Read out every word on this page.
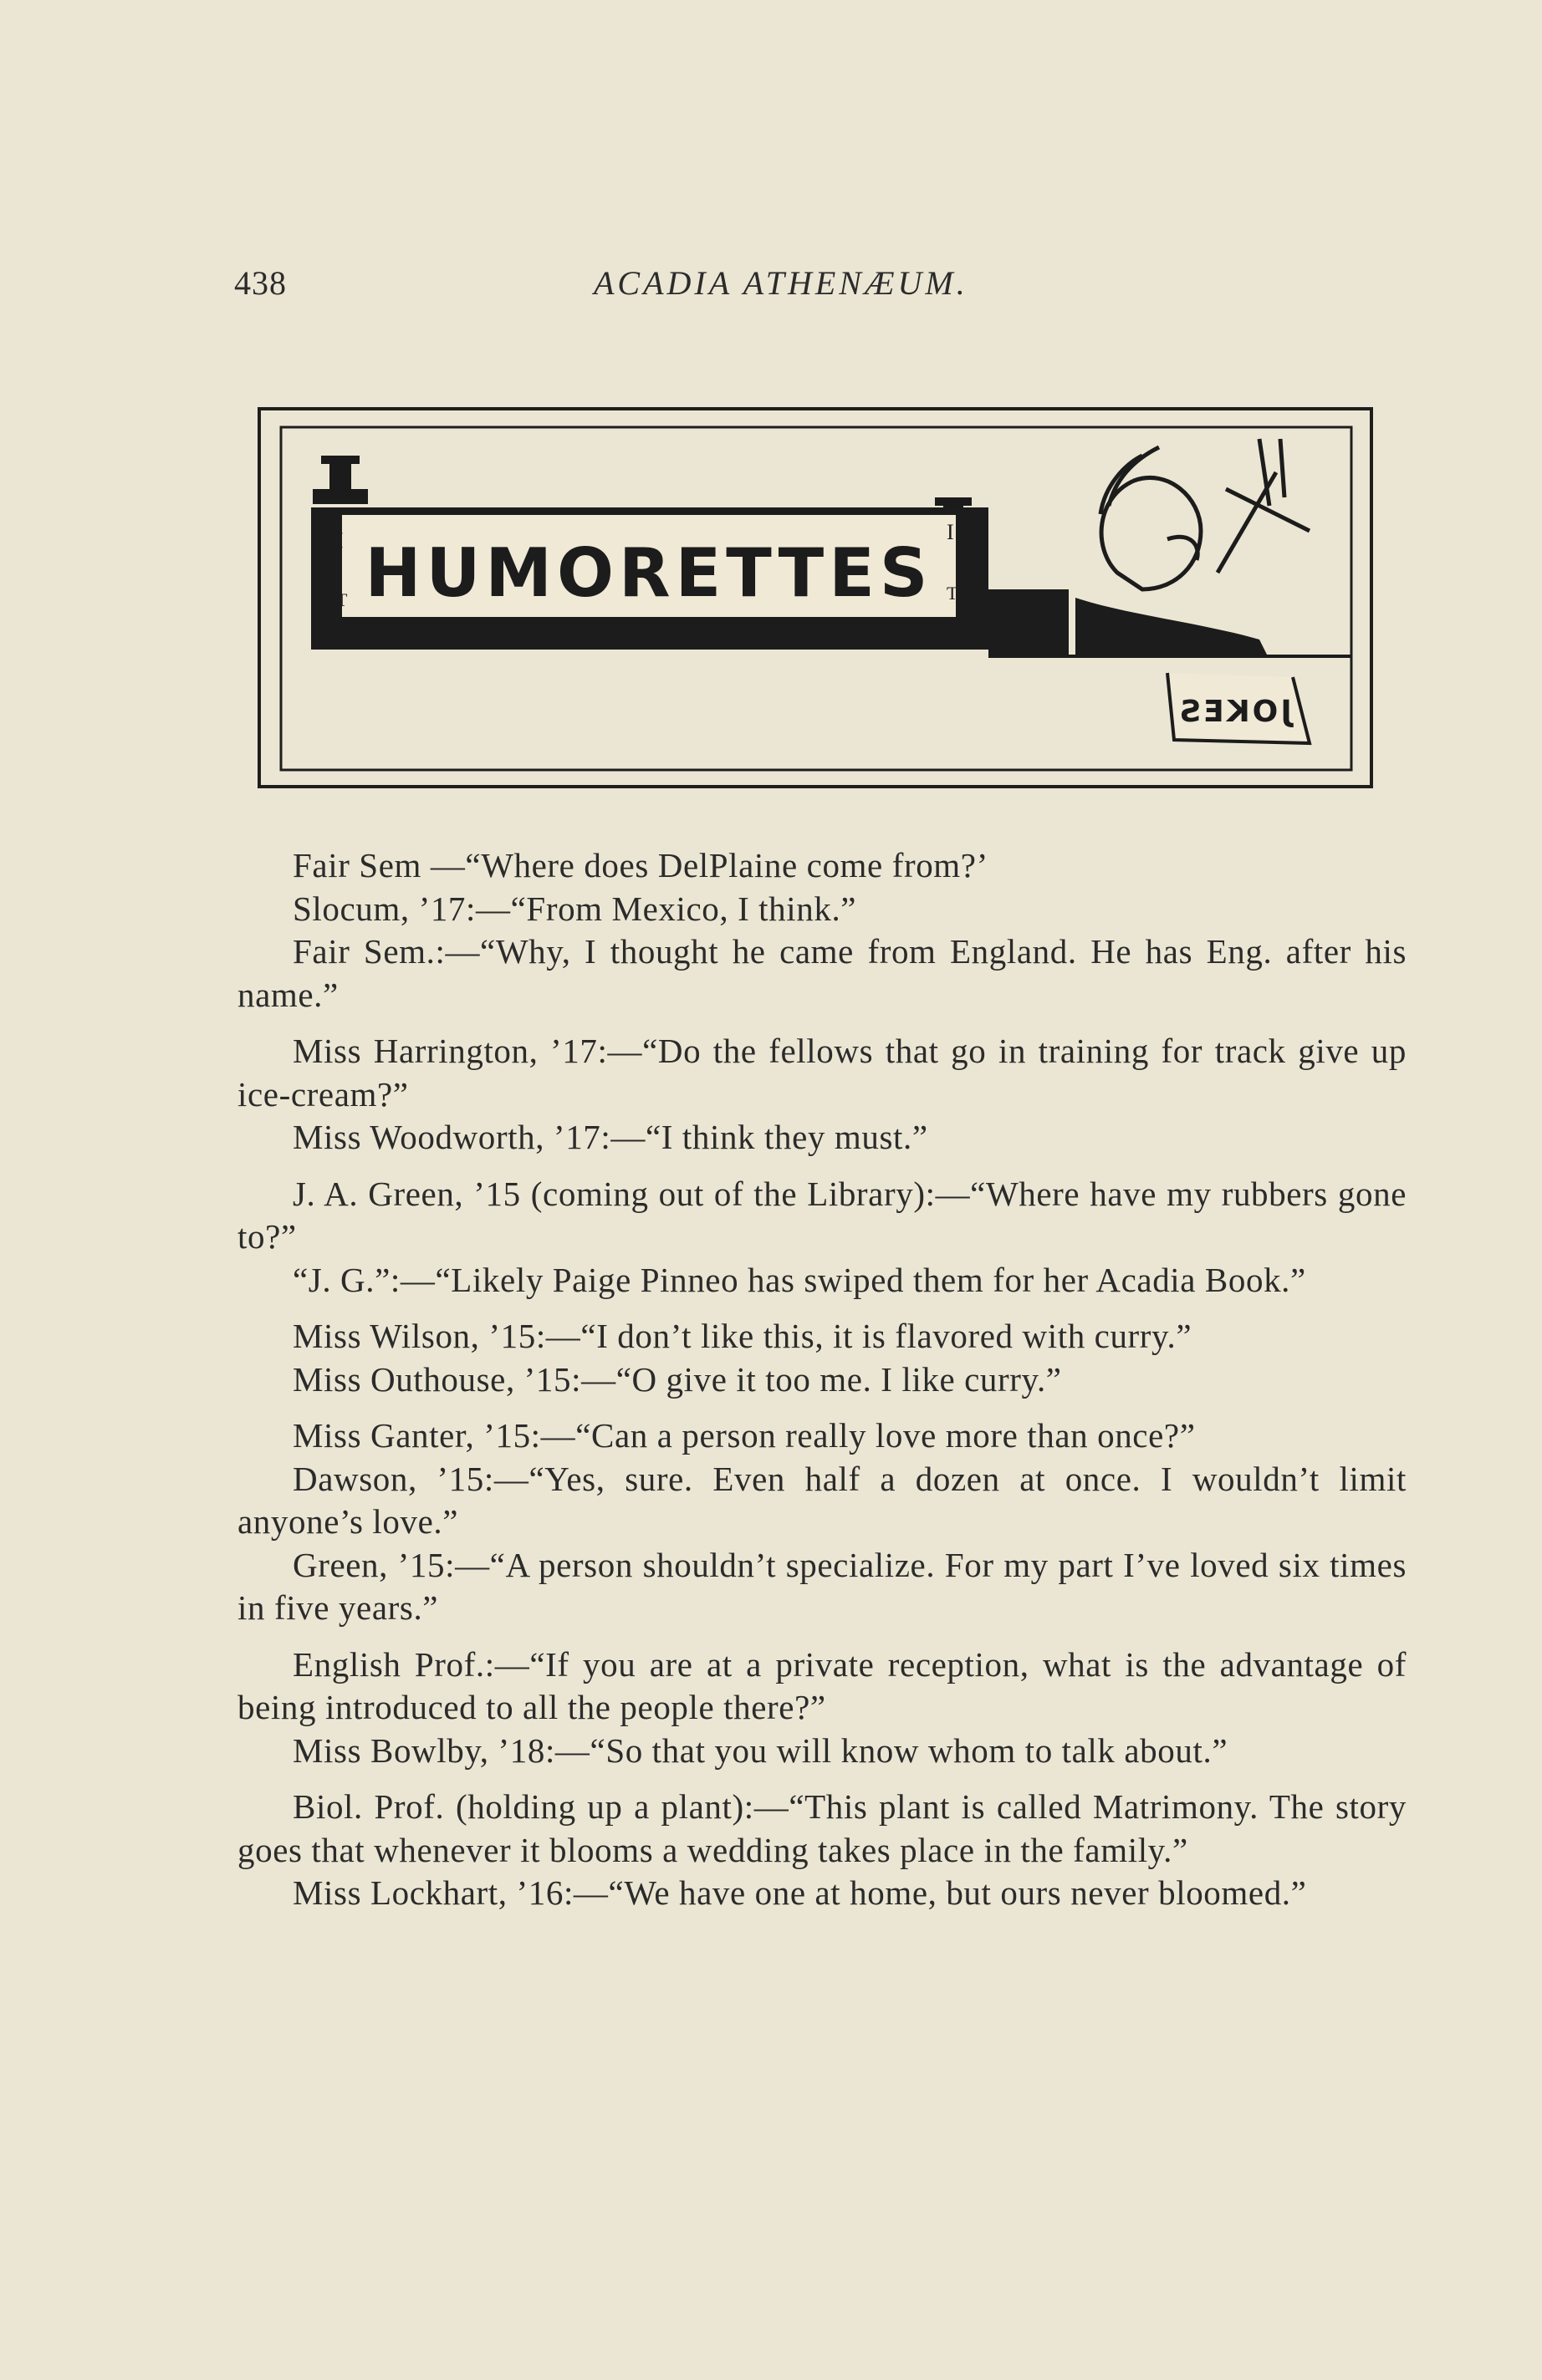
438	ACADIA ATHENÆUM.
I
T
I
T
HUMORETTES
JOKES

Fair Sem —“Where does DelPlaine come from?’

Slocum, ’17:—“From Mexico, I think.”

Fair Sem.:—“Why, I thought he came from England. He has Eng. after his name.”

Miss Harrington, ’17:—“Do the fellows that go in training for track give up ice-cream?”

Miss Woodworth, ’17:—“I think they must.”

J. A. Green, ’15 (coming out of the Library):—“Where have my rubbers gone to?”

“J. G.”:—“Likely Paige Pinneo has swiped them for her Acadia Book.”

Miss Wilson, ’15:—“I don’t like this, it is flavored with curry.”

Miss Outhouse, ’15:—“O give it too me. I like curry.”

Miss Ganter, ’15:—“Can a person really love more than once?”

Dawson, ’15:—“Yes, sure. Even half a dozen at once. I wouldn’t limit anyone’s love.”

Green, ’15:—“A person shouldn’t specialize. For my part I’ve loved six times in five years.”

English Prof.:—“If you are at a private reception, what is the advantage of being introduced to all the people there?”

Miss Bowlby, ’18:—“So that you will know whom to talk about.”

Biol. Prof. (holding up a plant):—“This plant is called Matrimony. The story goes that whenever it blooms a wedding takes place in the family.”

Miss Lockhart, ’16:—“We have one at home, but ours never bloomed.”
